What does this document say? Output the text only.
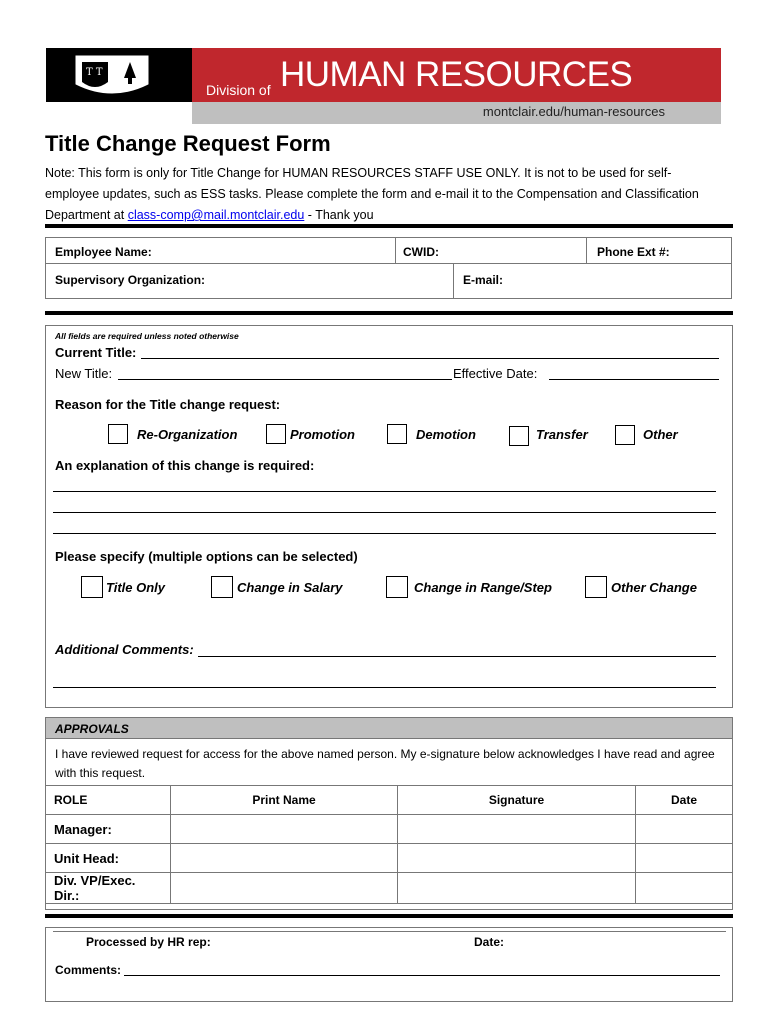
T T
Division of HUMAN RESOURCES
montclair.edu/human-resources
Title Change Request Form
Note: This form is only for Title Change for HUMAN RESOURCES STAFF USE ONLY. It is not to be used for self-employee updates, such as ESS tasks. Please complete the form and e-mail it to the Compensation and Classification Department at class-comp@mail.montclair.edu - Thank you
Employee Name:	CWID:	Phone Ext #:
Supervisory Organization:	E-mail:
All fields are required unless noted otherwise
Current Title:
New Title:	Effective Date:
Reason for the Title change request:
Re-Organization	Promotion	Demotion	Transfer	Other
An explanation of this change is required:
Please specify (multiple options can be selected)
Title Only	Change in Salary	Change in Range/Step	Other Change
Additional Comments:
APPROVALS
I have reviewed request for access for the above named person. My e-signature below acknowledges I have read and agree with this request.
ROLE	Print Name	Signature	Date
Manager:			
Unit Head:			
Div. VP/Exec. Dir.:			
Processed by HR rep:	Date:
Comments:
